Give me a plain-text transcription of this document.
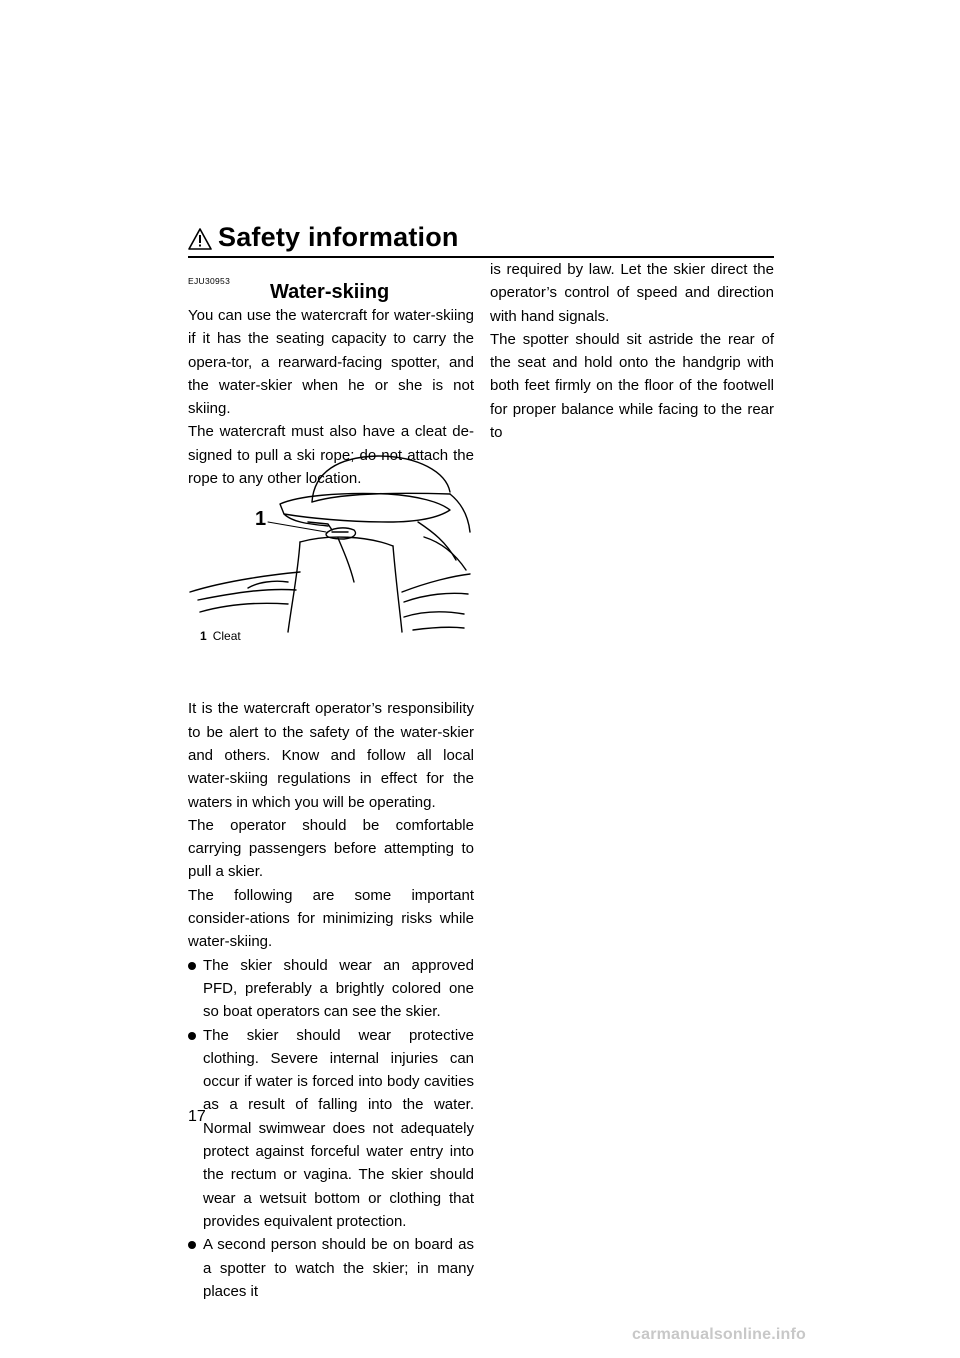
Safety information
17
EJU30953 Water-skiing

You can use the watercraft for water-skiing if it has the seating capacity to carry the opera-tor, a rearward-facing spotter, and the water-skier when he or she is not skiing.

The watercraft must also have a cleat de-signed to pull a ski rope; do not attach the rope to any other location.

It is the watercraft operator’s responsibility to be alert to the safety of the water-skier and others. Know and follow all local water-skiing regulations in effect for the waters in which you will be operating.

The operator should be comfortable carrying passengers before attempting to pull a skier.

The following are some important consider-ations for minimizing risks while water-skiing.

The skier should wear an approved PFD, preferably a brightly colored one so boat operators can see the skier.
The skier should wear protective clothing. Severe internal injuries can occur if water is forced into body cavities as a result of falling into the water. Normal swimwear does not adequately protect against forceful water entry into the rectum or vagina. The skier should wear a wetsuit bottom or clothing that provides equivalent protection.
A second person should be on board as a spotter to watch the skier; in many places it
1
1 Cleat

is required by law. Let the skier direct the operator’s control of speed and direction with hand signals.

The spotter should sit astride the rear of the seat and hold onto the handgrip with both feet firmly on the floor of the footwell for proper balance while facing to the rear to

carmanualsonline.info
